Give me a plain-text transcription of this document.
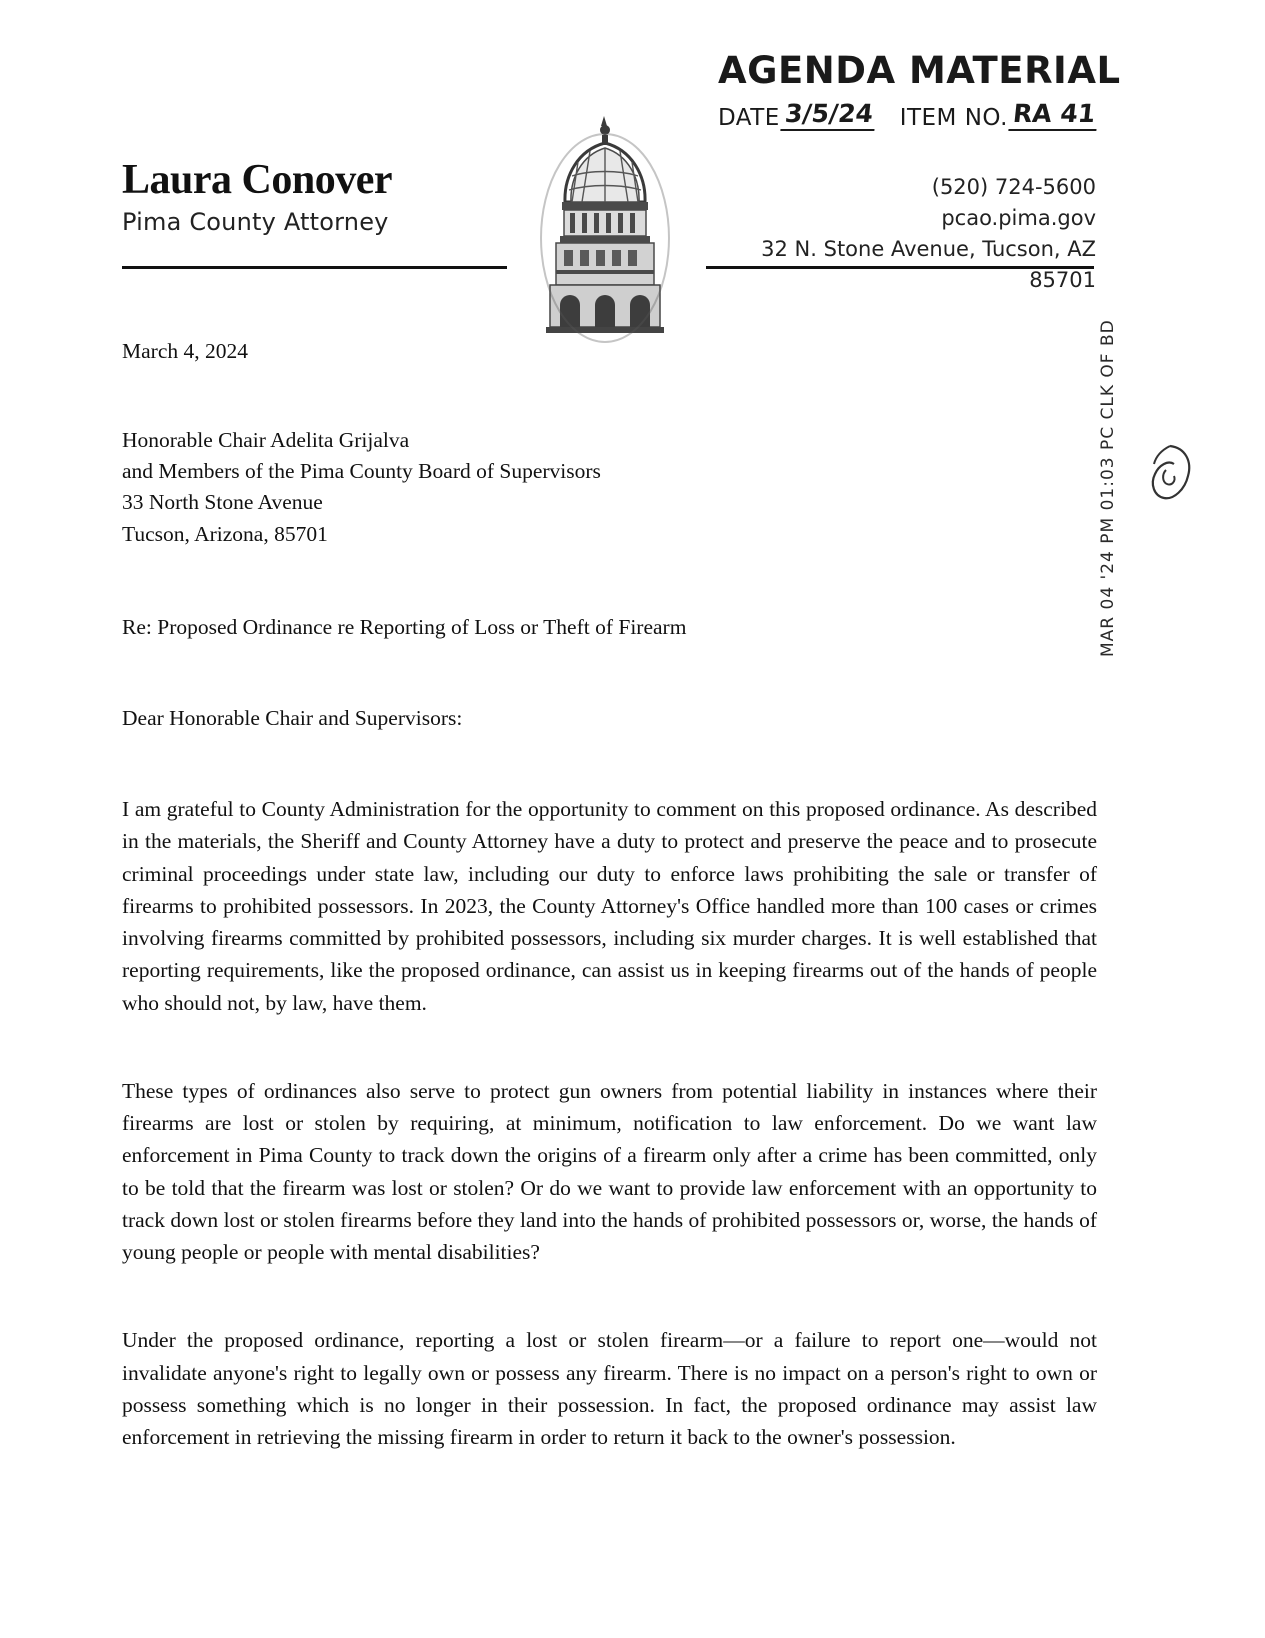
AGENDA MATERIAL
DATE 3/5/24 ITEM NO. RA 41
Laura Conover
Pima County Attorney
(520) 724-5600
pcao.pima.gov
32 N. Stone Avenue, Tucson, AZ 85701
MAR 04 '24 PM 01:03 PC CLK OF BD
March 4, 2024
Honorable Chair Adelita Grijalva
and Members of the Pima County Board of Supervisors
33 North Stone Avenue
Tucson, Arizona, 85701
Re: Proposed Ordinance re Reporting of Loss or Theft of Firearm
Dear Honorable Chair and Supervisors:

I am grateful to County Administration for the opportunity to comment on this proposed ordinance. As described in the materials, the Sheriff and County Attorney have a duty to protect and preserve the peace and to prosecute criminal proceedings under state law, including our duty to enforce laws prohibiting the sale or transfer of firearms to prohibited possessors. In 2023, the County Attorney's Office handled more than 100 cases or crimes involving firearms committed by prohibited possessors, including six murder charges. It is well established that reporting requirements, like the proposed ordinance, can assist us in keeping firearms out of the hands of people who should not, by law, have them.

These types of ordinances also serve to protect gun owners from potential liability in instances where their firearms are lost or stolen by requiring, at minimum, notification to law enforcement. Do we want law enforcement in Pima County to track down the origins of a firearm only after a crime has been committed, only to be told that the firearm was lost or stolen? Or do we want to provide law enforcement with an opportunity to track down lost or stolen firearms before they land into the hands of prohibited possessors or, worse, the hands of young people or people with mental disabilities?

Under the proposed ordinance, reporting a lost or stolen firearm—or a failure to report one—would not invalidate anyone's right to legally own or possess any firearm. There is no impact on a person's right to own or possess something which is no longer in their possession. In fact, the proposed ordinance may assist law enforcement in retrieving the missing firearm in order to return it back to the owner's possession.
